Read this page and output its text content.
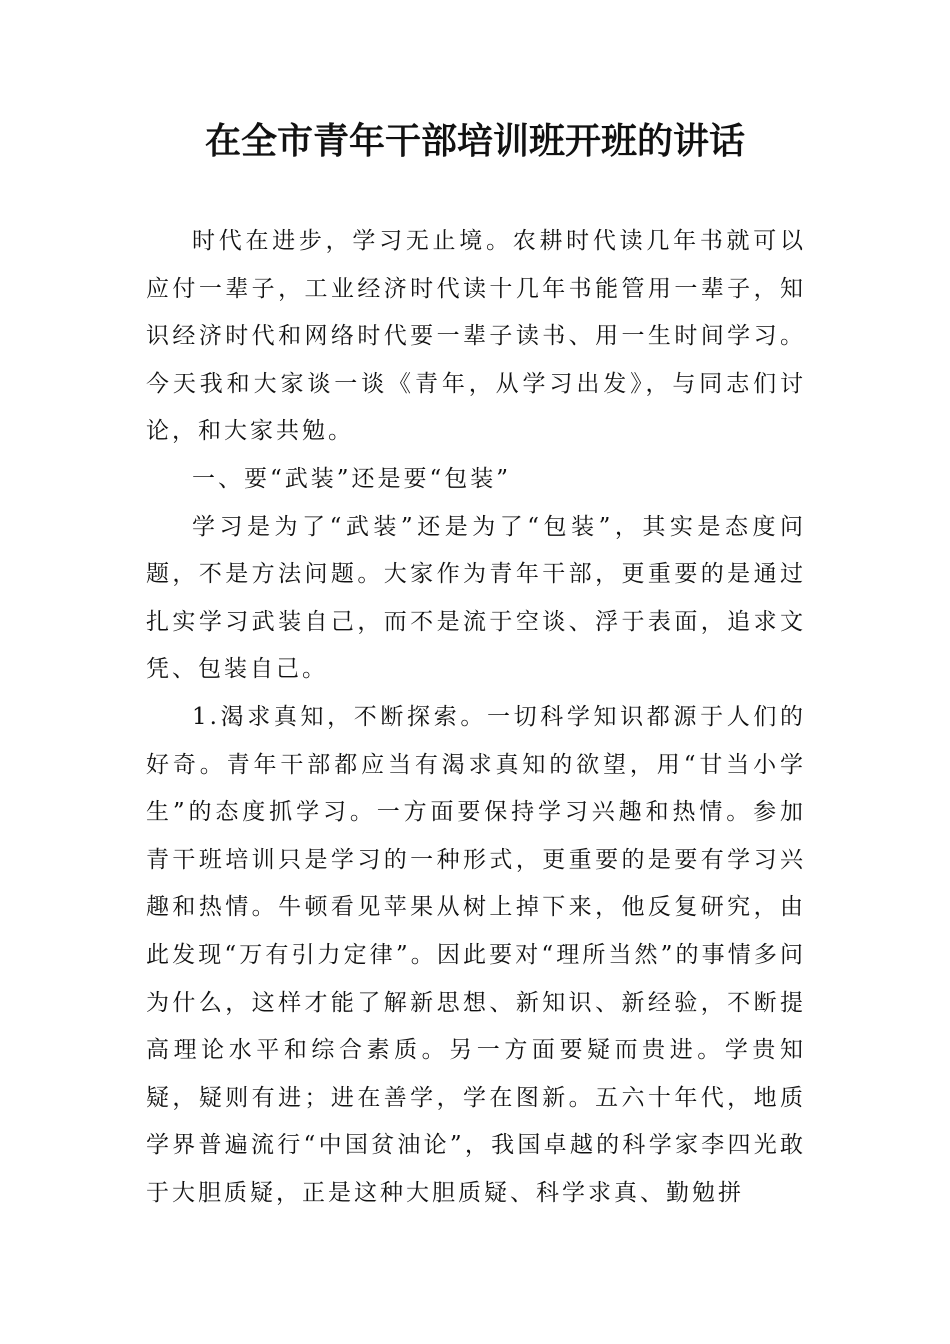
在全市青年干部培训班开班的讲话

时代在进步，学习无止境。农耕时代读几年书就可以应付一辈子，工业经济时代读十几年书能管用一辈子，知识经济时代和网络时代要一辈子读书、用一生时间学习。今天我和大家谈一谈《青年，从学习出发》，与同志们讨论，和大家共勉。

一、要“武装”还是要“包装”

学习是为了“武装”还是为了“包装”，其实是态度问题，不是方法问题。大家作为青年干部，更重要的是通过扎实学习武装自己，而不是流于空谈、浮于表面，追求文凭、包装自己。

1.渴求真知，不断探索。一切科学知识都源于人们的好奇。青年干部都应当有渴求真知的欲望，用“甘当小学生”的态度抓学习。一方面要保持学习兴趣和热情。参加青干班培训只是学习的一种形式，更重要的是要有学习兴趣和热情。牛顿看见苹果从树上掉下来，他反复研究，由此发现“万有引力定律”。因此要对“理所当然”的事情多问为什么，这样才能了解新思想、新知识、新经验，不断提高理论水平和综合素质。另一方面要疑而贵进。学贵知疑，疑则有进；进在善学，学在图新。五六十年代，地质学界普遍流行“中国贫油论”，我国卓越的科学家李四光敢于大胆质疑，正是这种大胆质疑、科学求真、勤勉拼
